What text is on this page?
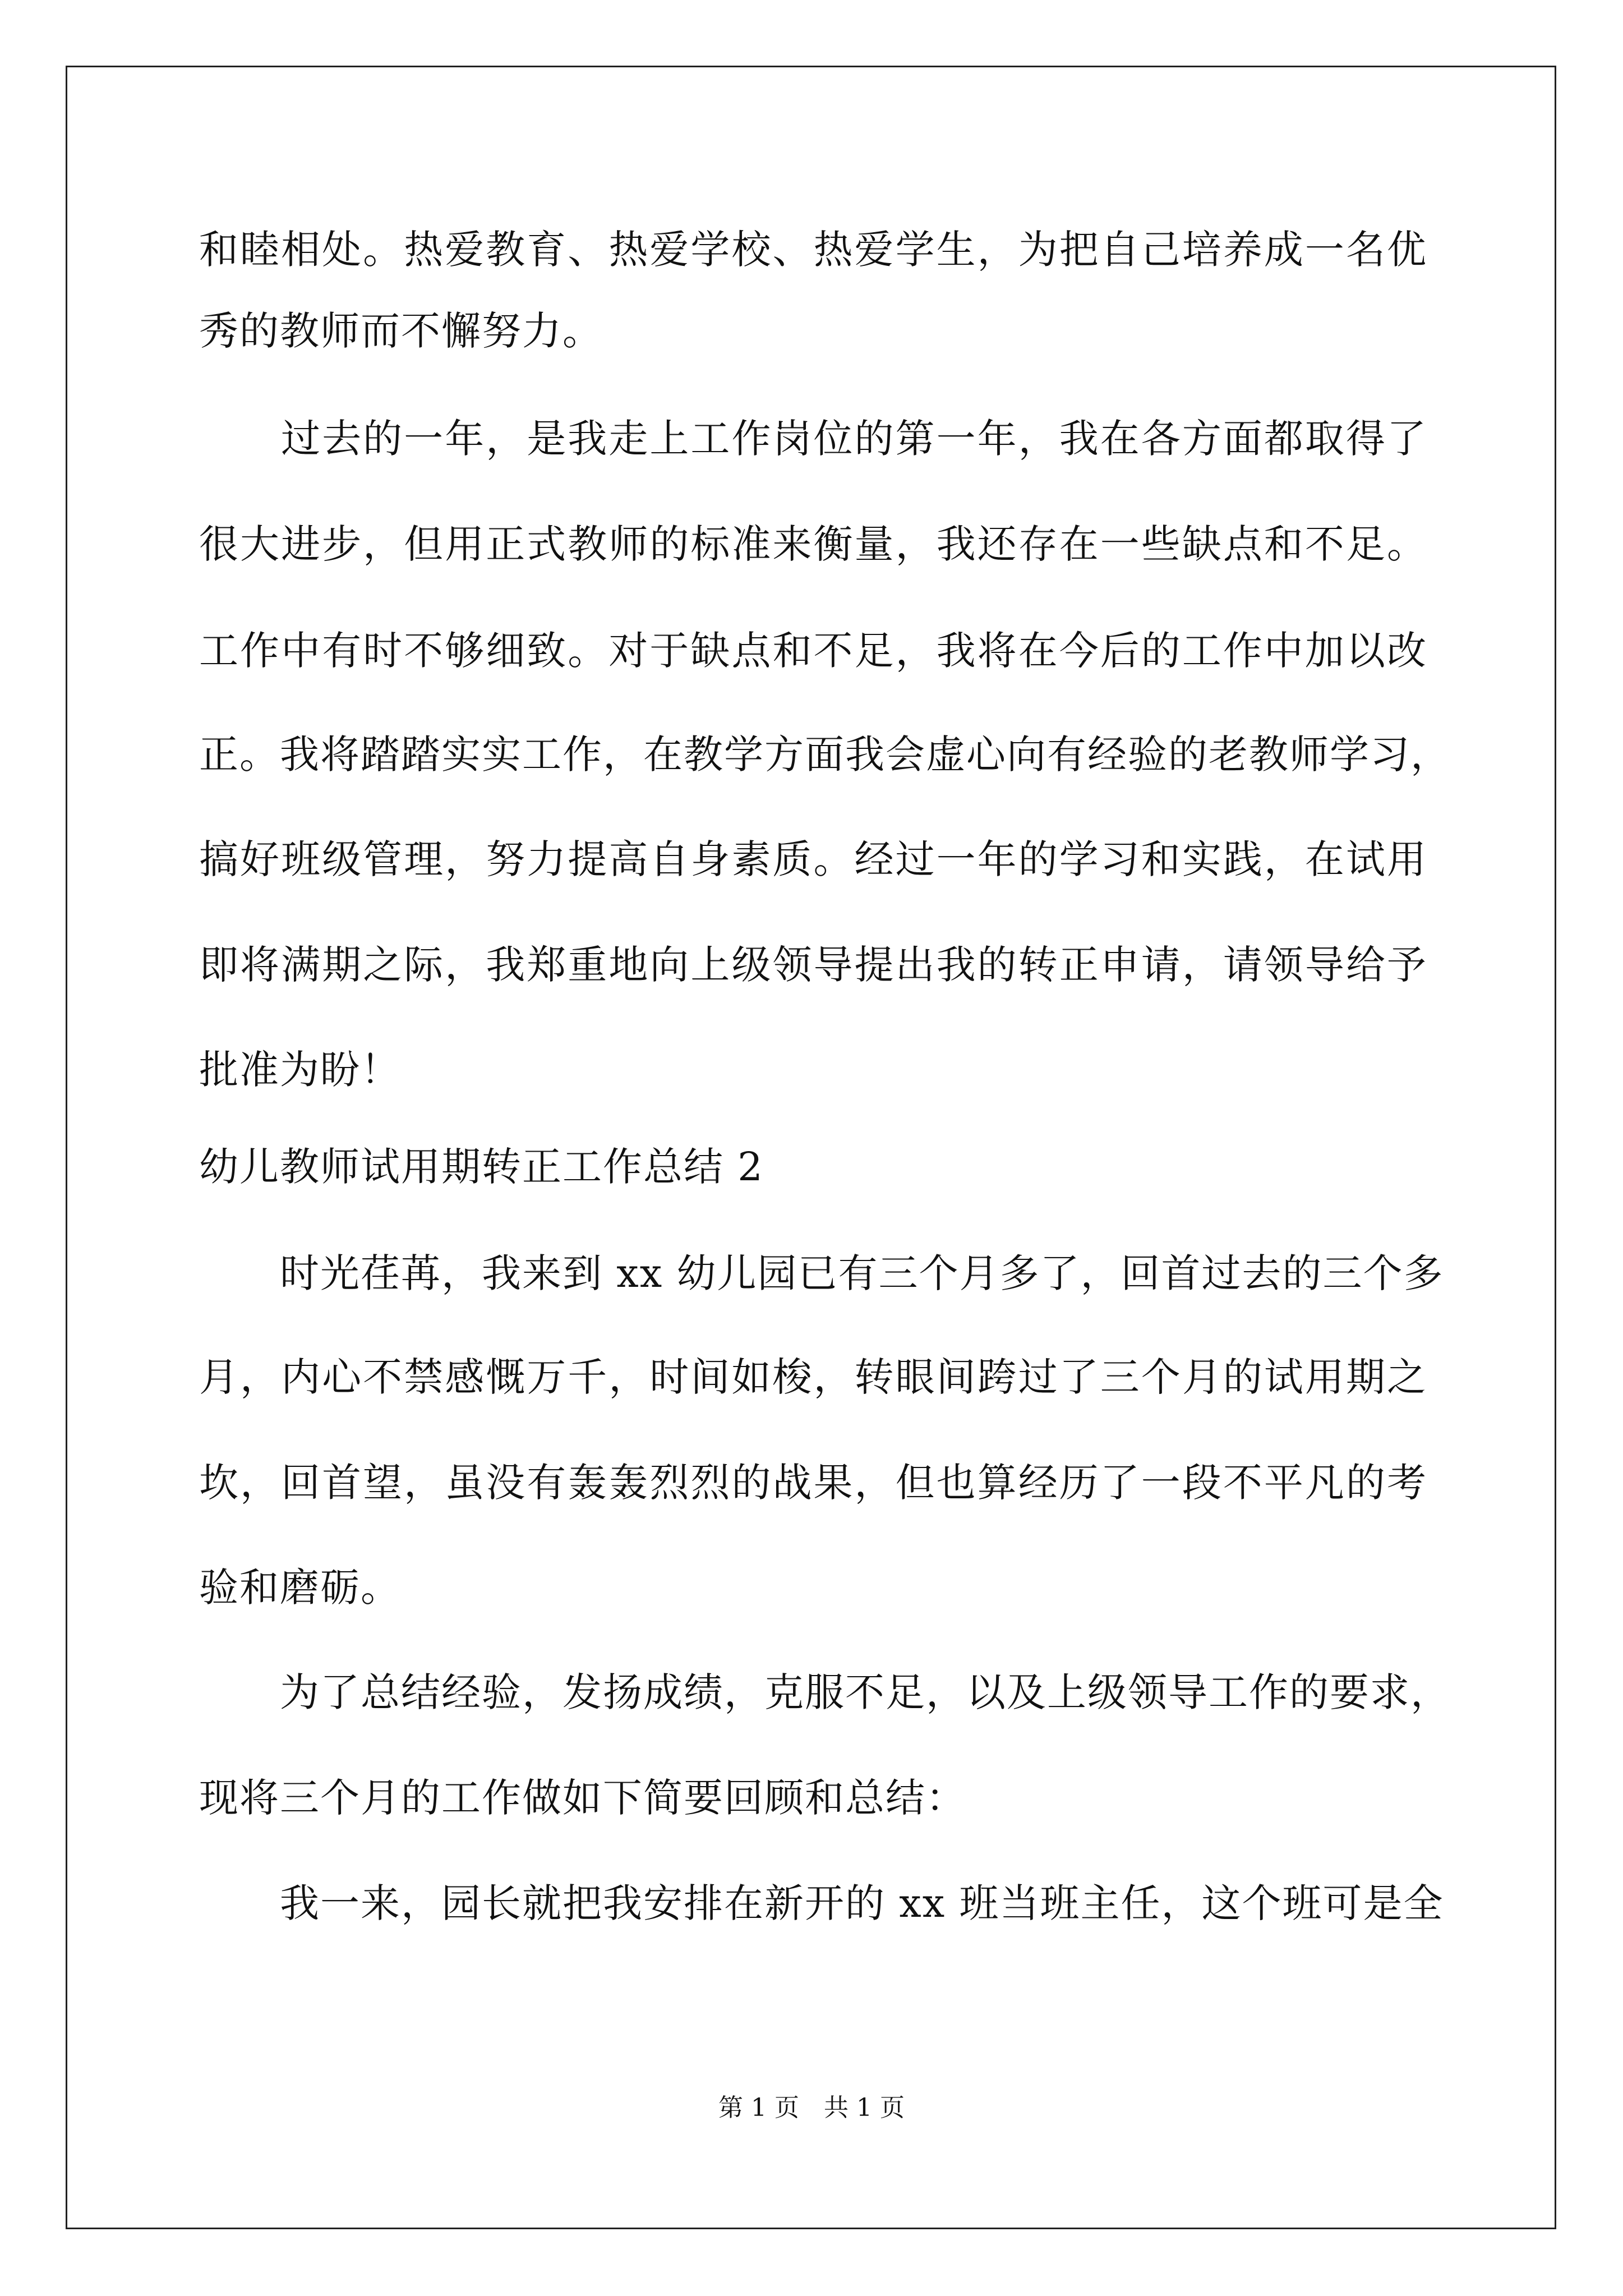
和睦相处。热爱教育、热爱学校、热爱学生，为把自己培养成一名优
秀的教师而不懈努力。
　　过去的一年，是我走上工作岗位的第一年，我在各方面都取得了
很大进步，但用正式教师的标准来衡量，我还存在一些缺点和不足。
工作中有时不够细致。对于缺点和不足，我将在今后的工作中加以改
正。我将踏踏实实工作，在教学方面我会虚心向有经验的老教师学习，
搞好班级管理，努力提高自身素质。经过一年的学习和实践，在试用
即将满期之际，我郑重地向上级领导提出我的转正申请，请领导给予
批准为盼！
幼儿教师试用期转正工作总结 2
　　时光荏苒，我来到 xx 幼儿园已有三个月多了，回首过去的三个多
月，内心不禁感慨万千，时间如梭，转眼间跨过了三个月的试用期之
坎，回首望，虽没有轰轰烈烈的战果，但也算经历了一段不平凡的考
验和磨砺。
　　为了总结经验，发扬成绩，克服不足，以及上级领导工作的要求，
现将三个月的工作做如下简要回顾和总结：
　　我一来，园长就把我安排在新开的 xx 班当班主任，这个班可是全
第 1 页　共 1 页
